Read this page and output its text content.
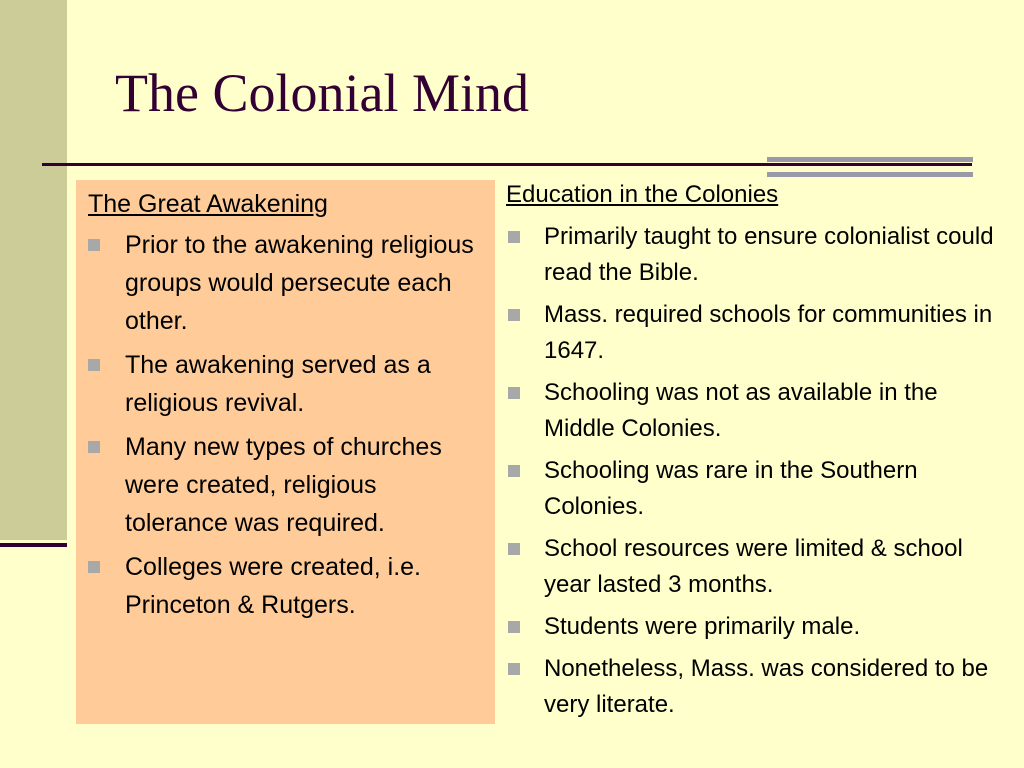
The Colonial Mind
The Great Awakening
Prior to the awakening religious groups would persecute each other.
The awakening served as a religious revival.
Many new types of churches were created, religious tolerance was required.
Colleges were created, i.e. Princeton & Rutgers.
Education in the Colonies
Primarily taught to ensure colonialist could read the Bible.
Mass. required schools for communities in 1647.
Schooling was not as available in the Middle Colonies.
Schooling was rare in the Southern Colonies.
School resources were limited & school year lasted 3 months.
Students were primarily male.
Nonetheless, Mass. was considered to be very literate.
